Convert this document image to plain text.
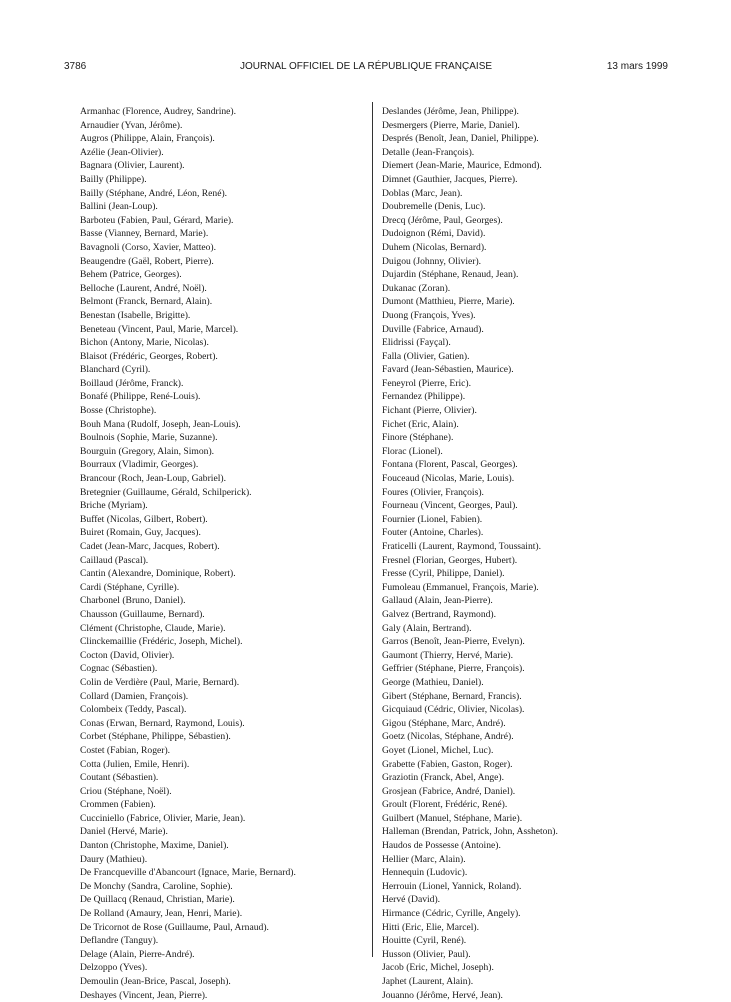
3786	JOURNAL OFFICIEL DE LA RÉPUBLIQUE FRANÇAISE	13 mars 1999
Armanhac (Florence, Audrey, Sandrine).
Arnaudier (Yvan, Jérôme).
Augros (Philippe, Alain, François).
Azélie (Jean-Olivier).
Bagnara (Olivier, Laurent).
Bailly (Philippe).
Bailly (Stéphane, André, Léon, René).
Ballini (Jean-Loup).
Barboteu (Fabien, Paul, Gérard, Marie).
Basse (Vianney, Bernard, Marie).
Bavagnoli (Corso, Xavier, Matteo).
Beaugendre (Gaël, Robert, Pierre).
Behem (Patrice, Georges).
Belloche (Laurent, André, Noël).
Belmont (Franck, Bernard, Alain).
Benestan (Isabelle, Brigitte).
Beneteau (Vincent, Paul, Marie, Marcel).
Bichon (Antony, Marie, Nicolas).
Blaisot (Frédéric, Georges, Robert).
Blanchard (Cyril).
Boillaud (Jérôme, Franck).
Bonafé (Philippe, René-Louis).
Bosse (Christophe).
Bouh Mana (Rudolf, Joseph, Jean-Louis).
Boulnois (Sophie, Marie, Suzanne).
Bourguin (Gregory, Alain, Simon).
Bourraux (Vladimir, Georges).
Brancour (Roch, Jean-Loup, Gabriel).
Bretegnier (Guillaume, Gérald, Schilperick).
Briche (Myriam).
Buffet (Nicolas, Gilbert, Robert).
Buiret (Romain, Guy, Jacques).
Cadet (Jean-Marc, Jacques, Robert).
Caillaud (Pascal).
Cantin (Alexandre, Dominique, Robert).
Cardi (Stéphane, Cyrille).
Charbonel (Bruno, Daniel).
Chausson (Guillaume, Bernard).
Clément (Christophe, Claude, Marie).
Clinckemaillie (Frédéric, Joseph, Michel).
Cocton (David, Olivier).
Cognac (Sébastien).
Colin de Verdière (Paul, Marie, Bernard).
Collard (Damien, François).
Colombeix (Teddy, Pascal).
Conas (Erwan, Bernard, Raymond, Louis).
Corbet (Stéphane, Philippe, Sébastien).
Costet (Fabian, Roger).
Cotta (Julien, Emile, Henri).
Coutant (Sébastien).
Criou (Stéphane, Noël).
Crommen (Fabien).
Cucciniello (Fabrice, Olivier, Marie, Jean).
Daniel (Hervé, Marie).
Danton (Christophe, Maxime, Daniel).
Daury (Mathieu).
De Francqueville d'Abancourt (Ignace, Marie, Bernard).
De Monchy (Sandra, Caroline, Sophie).
De Quillacq (Renaud, Christian, Marie).
De Rolland (Amaury, Jean, Henri, Marie).
De Tricornot de Rose (Guillaume, Paul, Arnaud).
Deflandre (Tanguy).
Delage (Alain, Pierre-André).
Delzoppo (Yves).
Demoulin (Jean-Brice, Pascal, Joseph).
Deshayes (Vincent, Jean, Pierre).
Deslandes (Jérôme, Jean, Philippe).
Desmergers (Pierre, Marie, Daniel).
Després (Benoît, Jean, Daniel, Philippe).
Detalle (Jean-François).
Diemert (Jean-Marie, Maurice, Edmond).
Dimnet (Gauthier, Jacques, Pierre).
Doblas (Marc, Jean).
Doubremelle (Denis, Luc).
Drecq (Jérôme, Paul, Georges).
Dudoignon (Rémi, David).
Duhem (Nicolas, Bernard).
Duigou (Johnny, Olivier).
Dujardin (Stéphane, Renaud, Jean).
Dukanac (Zoran).
Dumont (Matthieu, Pierre, Marie).
Duong (François, Yves).
Duville (Fabrice, Arnaud).
Elidrissi (Fayçal).
Falla (Olivier, Gatien).
Favard (Jean-Sébastien, Maurice).
Feneyrol (Pierre, Eric).
Fernandez (Philippe).
Fichant (Pierre, Olivier).
Fichet (Eric, Alain).
Finore (Stéphane).
Florac (Lionel).
Fontana (Florent, Pascal, Georges).
Fouceaud (Nicolas, Marie, Louis).
Foures (Olivier, François).
Fourneau (Vincent, Georges, Paul).
Fournier (Lionel, Fabien).
Fouter (Antoine, Charles).
Fraticelli (Laurent, Raymond, Toussaint).
Fresnel (Florian, Georges, Hubert).
Fresse (Cyril, Philippe, Daniel).
Fumoleau (Emmanuel, François, Marie).
Gallaud (Alain, Jean-Pierre).
Galvez (Bertrand, Raymond).
Galy (Alain, Bertrand).
Garros (Benoît, Jean-Pierre, Evelyn).
Gaumont (Thierry, Hervé, Marie).
Geffrier (Stéphane, Pierre, François).
George (Mathieu, Daniel).
Gibert (Stéphane, Bernard, Francis).
Gicquiaud (Cédric, Olivier, Nicolas).
Gigou (Stéphane, Marc, André).
Goetz (Nicolas, Stéphane, André).
Goyet (Lionel, Michel, Luc).
Grabette (Fabien, Gaston, Roger).
Graziotin (Franck, Abel, Ange).
Grosjean (Fabrice, André, Daniel).
Groult (Florent, Frédéric, René).
Guilbert (Manuel, Stéphane, Marie).
Halleman (Brendan, Patrick, John, Assheton).
Haudos de Possesse (Antoine).
Hellier (Marc, Alain).
Hennequin (Ludovic).
Herrouin (Lionel, Yannick, Roland).
Hervé (David).
Hirmance (Cédric, Cyrille, Angely).
Hitti (Eric, Elie, Marcel).
Houitte (Cyril, René).
Husson (Olivier, Paul).
Jacob (Eric, Michel, Joseph).
Japhet (Laurent, Alain).
Jouanno (Jérôme, Hervé, Jean).
